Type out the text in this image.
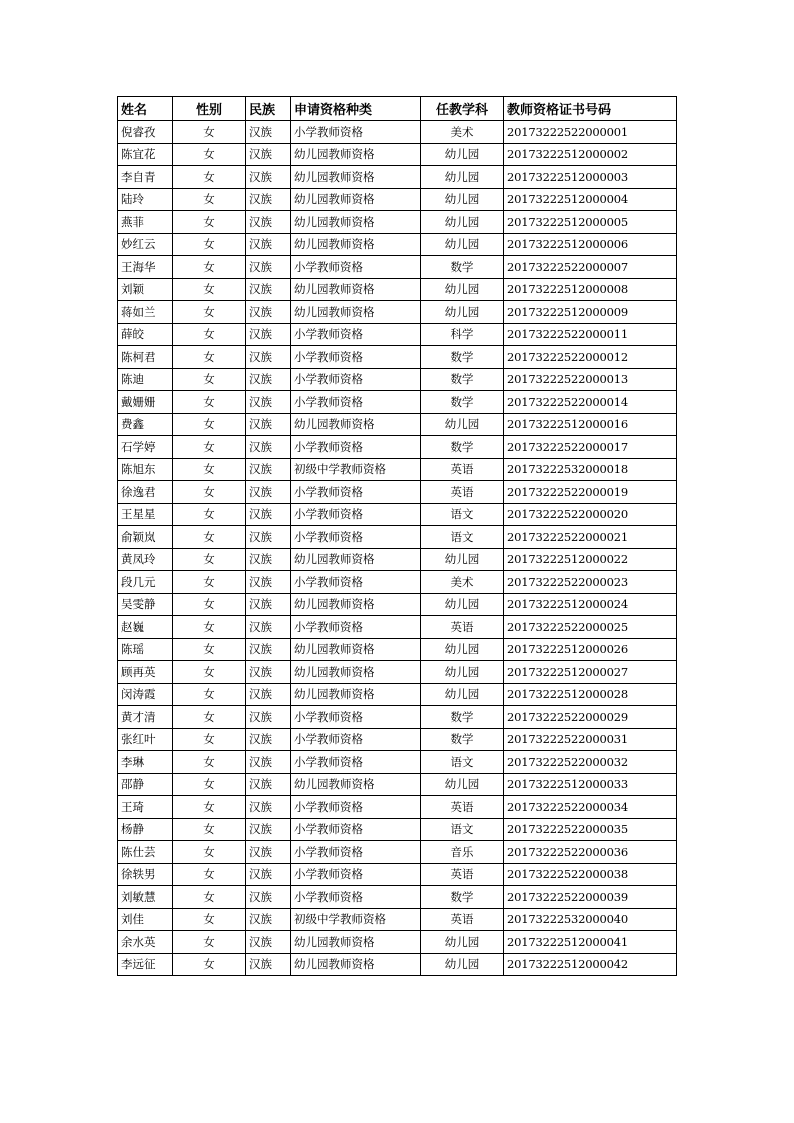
姓名	性别	民族	申请资格种类	任教学科	教师资格证书号码
倪睿孜	女	汉族	小学教师资格	美术	20173222522000001
陈宜花	女	汉族	幼儿园教师资格	幼儿园	20173222512000002
李自青	女	汉族	幼儿园教师资格	幼儿园	20173222512000003
陆玲	女	汉族	幼儿园教师资格	幼儿园	20173222512000004
燕菲	女	汉族	幼儿园教师资格	幼儿园	20173222512000005
妙红云	女	汉族	幼儿园教师资格	幼儿园	20173222512000006
王海华	女	汉族	小学教师资格	数学	20173222522000007
刘颖	女	汉族	幼儿园教师资格	幼儿园	20173222512000008
蒋如兰	女	汉族	幼儿园教师资格	幼儿园	20173222512000009
薛皎	女	汉族	小学教师资格	科学	20173222522000011
陈柯君	女	汉族	小学教师资格	数学	20173222522000012
陈迪	女	汉族	小学教师资格	数学	20173222522000013
戴姗姗	女	汉族	小学教师资格	数学	20173222522000014
费鑫	女	汉族	幼儿园教师资格	幼儿园	20173222512000016
石学婷	女	汉族	小学教师资格	数学	20173222522000017
陈旭东	女	汉族	初级中学教师资格	英语	20173222532000018
徐逸君	女	汉族	小学教师资格	英语	20173222522000019
王星星	女	汉族	小学教师资格	语文	20173222522000020
俞颖岚	女	汉族	小学教师资格	语文	20173222522000021
黄凤玲	女	汉族	幼儿园教师资格	幼儿园	20173222512000022
段几元	女	汉族	小学教师资格	美术	20173222522000023
吴雯静	女	汉族	幼儿园教师资格	幼儿园	20173222512000024
赵巍	女	汉族	小学教师资格	英语	20173222522000025
陈瑶	女	汉族	幼儿园教师资格	幼儿园	20173222512000026
顾再英	女	汉族	幼儿园教师资格	幼儿园	20173222512000027
闵涛霞	女	汉族	幼儿园教师资格	幼儿园	20173222512000028
黄才清	女	汉族	小学教师资格	数学	20173222522000029
张红叶	女	汉族	小学教师资格	数学	20173222522000031
李琳	女	汉族	小学教师资格	语文	20173222522000032
邵静	女	汉族	幼儿园教师资格	幼儿园	20173222512000033
王琦	女	汉族	小学教师资格	英语	20173222522000034
杨静	女	汉族	小学教师资格	语文	20173222522000035
陈仕芸	女	汉族	小学教师资格	音乐	20173222522000036
徐轶男	女	汉族	小学教师资格	英语	20173222522000038
刘敏慧	女	汉族	小学教师资格	数学	20173222522000039
刘佳	女	汉族	初级中学教师资格	英语	20173222532000040
余水英	女	汉族	幼儿园教师资格	幼儿园	20173222512000041
李远征	女	汉族	幼儿园教师资格	幼儿园	20173222512000042
